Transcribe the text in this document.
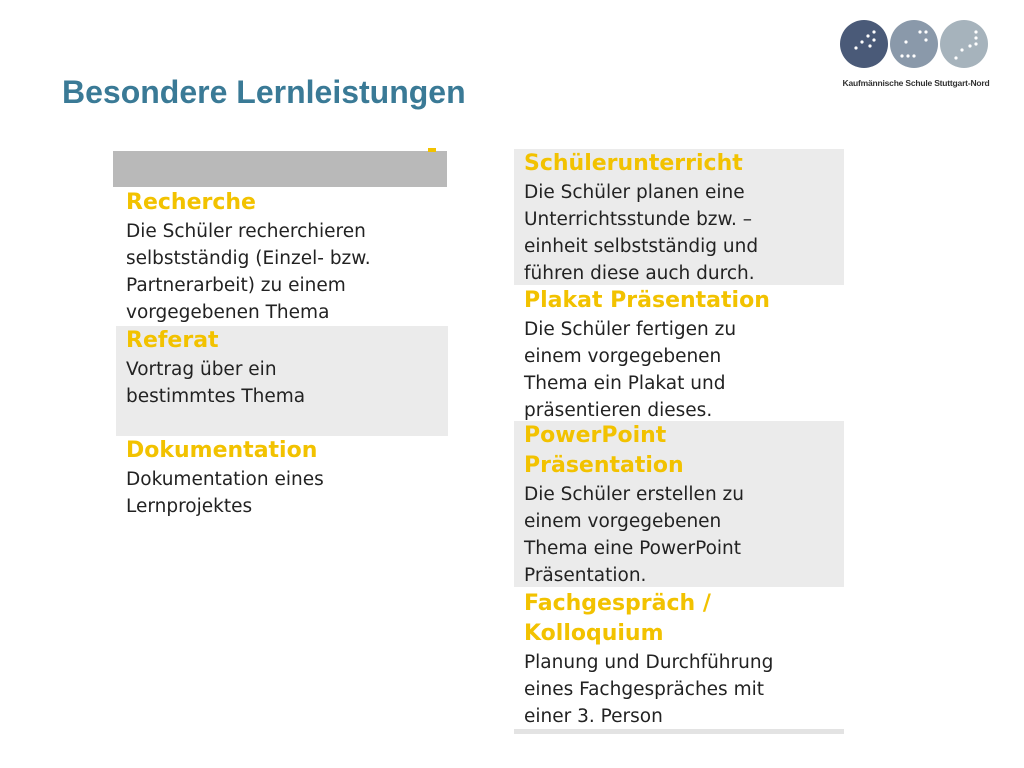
Besondere Lernleistungen	Kaufmännische Schule Stuttgart-Nord
Recherche
Die Schüler recherchieren
selbstständig (Einzel- bzw.
Partnerarbeit) zu einem
vorgegebenen Thema
Referat
Vortrag über ein
bestimmtes Thema
Dokumentation
Dokumentation eines
Lernprojektes
Schülerunterricht
Die Schüler planen eine
Unterrichtsstunde bzw. –
einheit selbstständig und
führen diese auch durch.
Plakat Präsentation
Die Schüler fertigen zu
einem vorgegebenen
Thema ein Plakat und
präsentieren dieses.
PowerPoint
Präsentation
Die Schüler erstellen zu
einem vorgegebenen
Thema eine PowerPoint
Präsentation.
Fachgespräch /
Kolloquium
Planung und Durchführung
eines Fachgespräches mit
einer 3. Person
